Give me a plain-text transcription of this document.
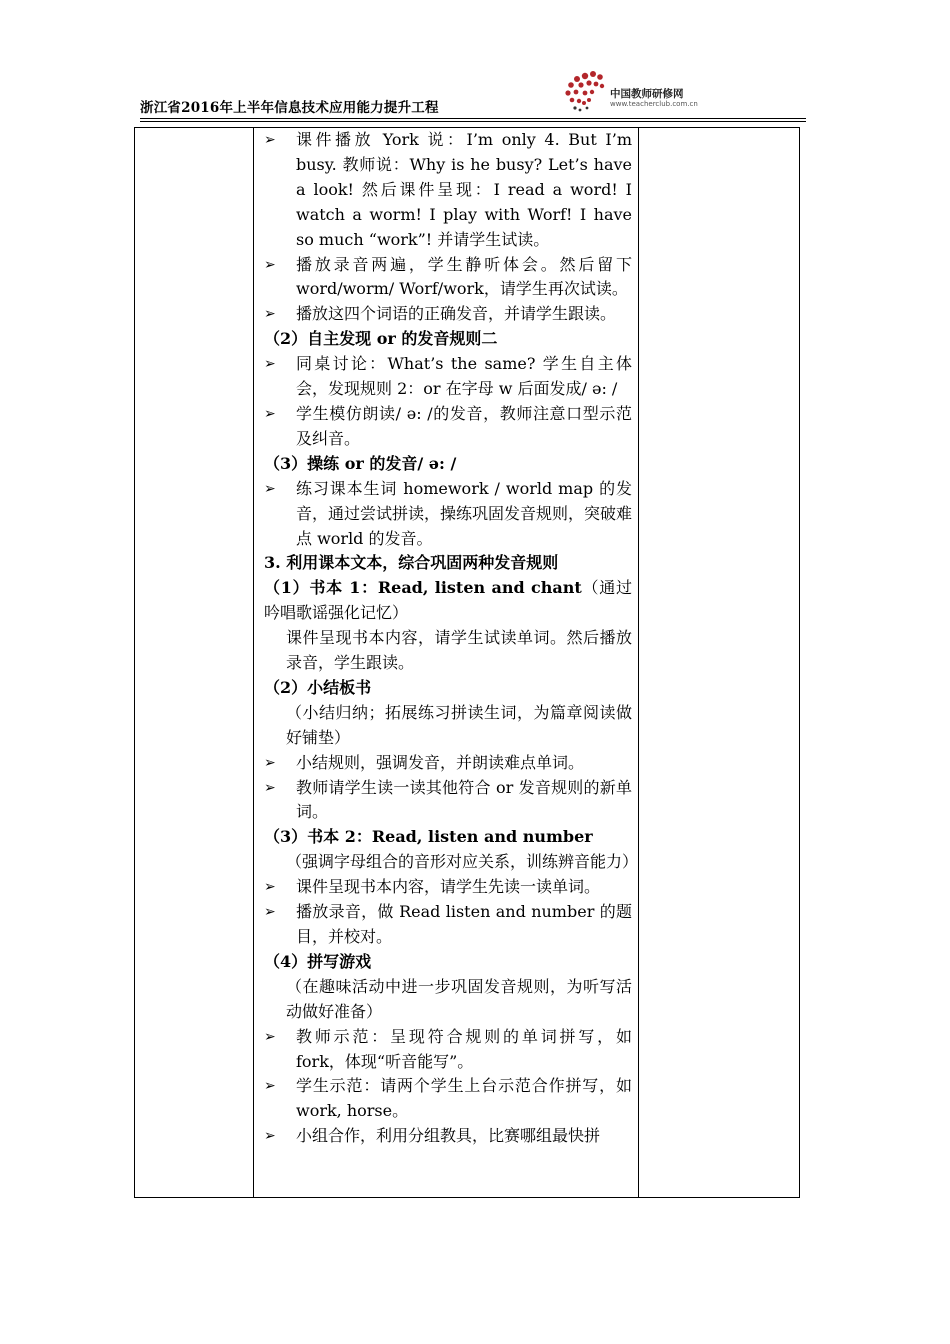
浙江省2016年上半年信息技术应用能力提升工程
中国教师研修网
www.teacherclub.com.cn

➢	课件播放 York 说：I’m only 4. But I’m busy. 教师说：Why is he busy? Let’s have a look! 然后课件呈现：I read a word! I watch a worm! I play with Worf! I have so much “work”! 并请学生试读。
➢	播放录音两遍，学生静听体会。然后留下 word/worm/ Worf/work，请学生再次试读。
➢	播放这四个词语的正确发音，并请学生跟读。
（2）自主发现 or 的发音规则二
➢	同桌讨论：What’s the same? 学生自主体会，发现规则 2：or 在字母 w 后面发成/ ə: /
➢	学生模仿朗读/ ə: /的发音，教师注意口型示范及纠音。
（3）操练 or 的发音/ ə: /
➢	练习课本生词 homework / world map 的发音，通过尝试拼读，操练巩固发音规则，突破难点 world 的发音。
3. 利用课本文本，综合巩固两种发音规则
（1）书本 1：Read, listen and chant（通过吟唱歌谣强化记忆）
课件呈现书本内容，请学生试读单词。然后播放录音，学生跟读。
（2）小结板书
（小结归纳；拓展练习拼读生词，为篇章阅读做好铺垫）
➢	小结规则，强调发音，并朗读难点单词。
➢	教师请学生读一读其他符合 or 发音规则的新单词。
（3）书本 2：Read, listen and number
（强调字母组合的音形对应关系，训练辨音能力）
➢	课件呈现书本内容，请学生先读一读单词。
➢	播放录音，做 Read listen and number 的题目，并校对。
（4）拼写游戏
（在趣味活动中进一步巩固发音规则，为听写活动做好准备）
➢	教师示范：呈现符合规则的单词拼写，如 fork，体现“听音能写”。
➢	学生示范：请两个学生上台示范合作拼写，如 work, horse。
➢	小组合作，利用分组教具，比赛哪组最快拼
